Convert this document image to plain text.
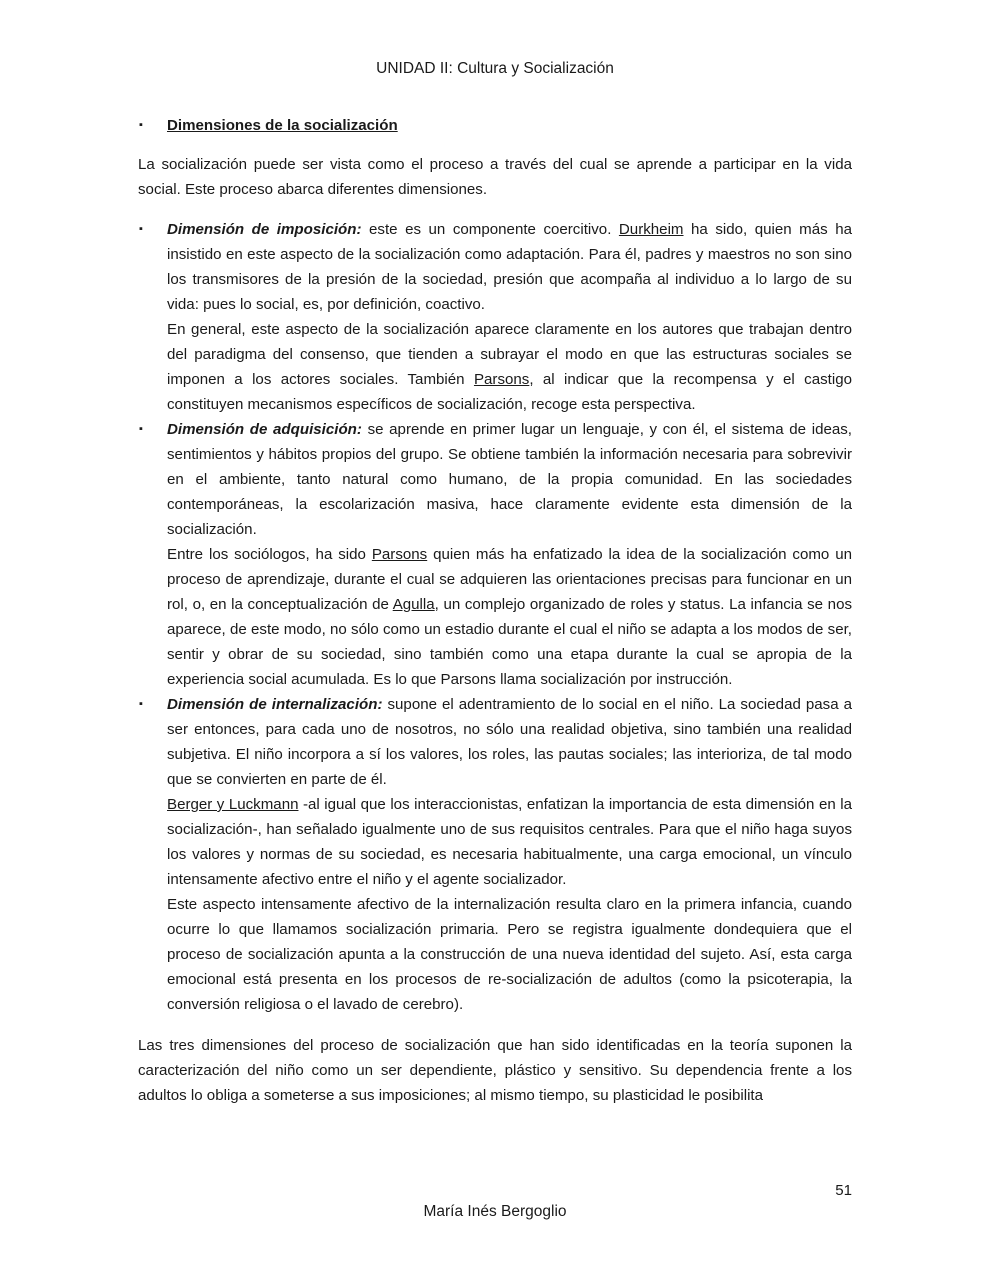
UNIDAD II: Cultura y Socialización
▪ Dimensiones de la socialización

La socialización puede ser vista como el proceso a través del cual se aprende a participar en la vida social. Este proceso abarca diferentes dimensiones.

▪ Dimensión de imposición: este es un componente coercitivo. Durkheim ha sido, quien más ha insistido en este aspecto de la socialización como adaptación. Para él, padres y maestros no son sino los transmisores de la presión de la sociedad, presión que acompaña al individuo a lo largo de su vida: pues lo social, es, por definición, coactivo.

En general, este aspecto de la socialización aparece claramente en los autores que trabajan dentro del paradigma del consenso, que tienden a subrayar el modo en que las estructuras sociales se imponen a los actores sociales. También Parsons, al indicar que la recompensa y el castigo constituyen mecanismos específicos de socialización, recoge esta perspectiva.

▪ Dimensión de adquisición: se aprende en primer lugar un lenguaje, y con él, el sistema de ideas, sentimientos y hábitos propios del grupo. Se obtiene también la información necesaria para sobrevivir en el ambiente, tanto natural como humano, de la propia comunidad. En las sociedades contemporáneas, la escolarización masiva, hace claramente evidente esta dimensión de la socialización.

Entre los sociólogos, ha sido Parsons quien más ha enfatizado la idea de la socialización como un proceso de aprendizaje, durante el cual se adquieren las orientaciones precisas para funcionar en un rol, o, en la conceptualización de Agulla, un complejo organizado de roles y status. La infancia se nos aparece, de este modo, no sólo como un estadio durante el cual el niño se adapta a los modos de ser, sentir y obrar de su sociedad, sino también como una etapa durante la cual se apropia de la experiencia social acumulada. Es lo que Parsons llama socialización por instrucción.

▪ Dimensión de internalización: supone el adentramiento de lo social en el niño. La sociedad pasa a ser entonces, para cada uno de nosotros, no sólo una realidad objetiva, sino también una realidad subjetiva. El niño incorpora a sí los valores, los roles, las pautas sociales; las interioriza, de tal modo que se convierten en parte de él.

Berger y Luckmann -al igual que los interaccionistas, enfatizan la importancia de esta dimensión en la socialización-, han señalado igualmente uno de sus requisitos centrales. Para que el niño haga suyos los valores y normas de su sociedad, es necesaria habitualmente, una carga emocional, un vínculo intensamente afectivo entre el niño y el agente socializador.

Este aspecto intensamente afectivo de la internalización resulta claro en la primera infancia, cuando ocurre lo que llamamos socialización primaria. Pero se registra igualmente dondequiera que el proceso de socialización apunta a la construcción de una nueva identidad del sujeto. Así, esta carga emocional está presenta en los procesos de re-socialización de adultos (como la psicoterapia, la conversión religiosa o el lavado de cerebro).

Las tres dimensiones del proceso de socialización que han sido identificadas en la teoría suponen la caracterización del niño como un ser dependiente, plástico y sensitivo. Su dependencia frente a los adultos lo obliga a someterse a sus imposiciones; al mismo tiempo, su plasticidad le posibilita

51
María Inés Bergoglio
